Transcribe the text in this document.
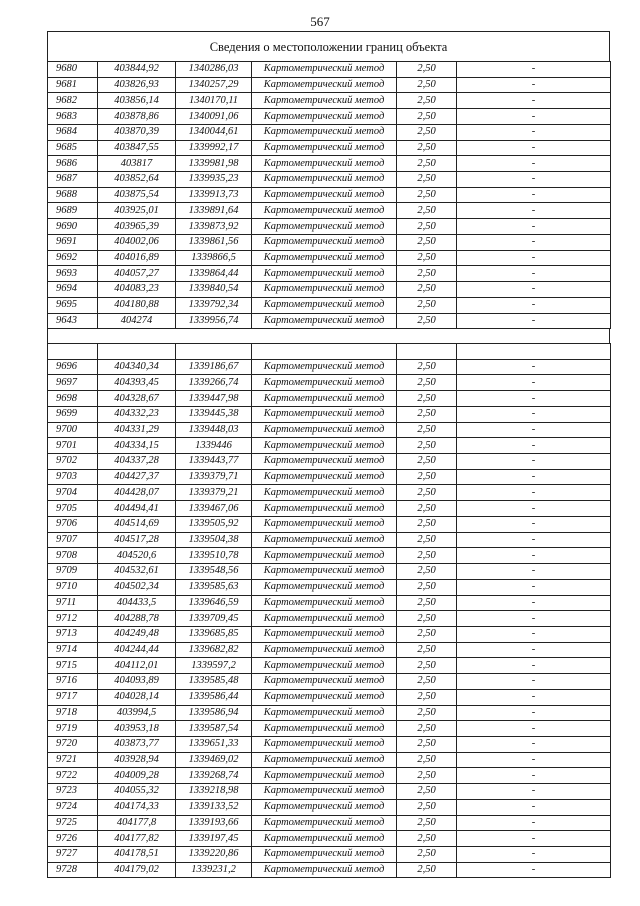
567
Сведения о местоположении границ объекта
9680	403844,92	1340286,03	Картометрический метод	2,50	-
9681	403826,93	1340257,29	Картометрический метод	2,50	-
9682	403856,14	1340170,11	Картометрический метод	2,50	-
9683	403878,86	1340091,06	Картометрический метод	2,50	-
9684	403870,39	1340044,61	Картометрический метод	2,50	-
9685	403847,55	1339992,17	Картометрический метод	2,50	-
9686	403817	1339981,98	Картометрический метод	2,50	-
9687	403852,64	1339935,23	Картометрический метод	2,50	-
9688	403875,54	1339913,73	Картометрический метод	2,50	-
9689	403925,01	1339891,64	Картометрический метод	2,50	-
9690	403965,39	1339873,92	Картометрический метод	2,50	-
9691	404002,06	1339861,56	Картометрический метод	2,50	-
9692	404016,89	1339866,5	Картометрический метод	2,50	-
9693	404057,27	1339864,44	Картометрический метод	2,50	-
9694	404083,23	1339840,54	Картометрический метод	2,50	-
9695	404180,88	1339792,34	Картометрический метод	2,50	-
9643	404274	1339956,74	Картометрический метод	2,50	-

9696	404340,34	1339186,67	Картометрический метод	2,50	-
9697	404393,45	1339266,74	Картометрический метод	2,50	-
9698	404328,67	1339447,98	Картометрический метод	2,50	-
9699	404332,23	1339445,38	Картометрический метод	2,50	-
9700	404331,29	1339448,03	Картометрический метод	2,50	-
9701	404334,15	1339446	Картометрический метод	2,50	-
9702	404337,28	1339443,77	Картометрический метод	2,50	-
9703	404427,37	1339379,71	Картометрический метод	2,50	-
9704	404428,07	1339379,21	Картометрический метод	2,50	-
9705	404494,41	1339467,06	Картометрический метод	2,50	-
9706	404514,69	1339505,92	Картометрический метод	2,50	-
9707	404517,28	1339504,38	Картометрический метод	2,50	-
9708	404520,6	1339510,78	Картометрический метод	2,50	-
9709	404532,61	1339548,56	Картометрический метод	2,50	-
9710	404502,34	1339585,63	Картометрический метод	2,50	-
9711	404433,5	1339646,59	Картометрический метод	2,50	-
9712	404288,78	1339709,45	Картометрический метод	2,50	-
9713	404249,48	1339685,85	Картометрический метод	2,50	-
9714	404244,44	1339682,82	Картометрический метод	2,50	-
9715	404112,01	1339597,2	Картометрический метод	2,50	-
9716	404093,89	1339585,48	Картометрический метод	2,50	-
9717	404028,14	1339586,44	Картометрический метод	2,50	-
9718	403994,5	1339586,94	Картометрический метод	2,50	-
9719	403953,18	1339587,54	Картометрический метод	2,50	-
9720	403873,77	1339651,33	Картометрический метод	2,50	-
9721	403928,94	1339469,02	Картометрический метод	2,50	-
9722	404009,28	1339268,74	Картометрический метод	2,50	-
9723	404055,32	1339218,98	Картометрический метод	2,50	-
9724	404174,33	1339133,52	Картометрический метод	2,50	-
9725	404177,8	1339193,66	Картометрический метод	2,50	-
9726	404177,82	1339197,45	Картометрический метод	2,50	-
9727	404178,51	1339220,86	Картометрический метод	2,50	-
9728	404179,02	1339231,2	Картометрический метод	2,50	-
